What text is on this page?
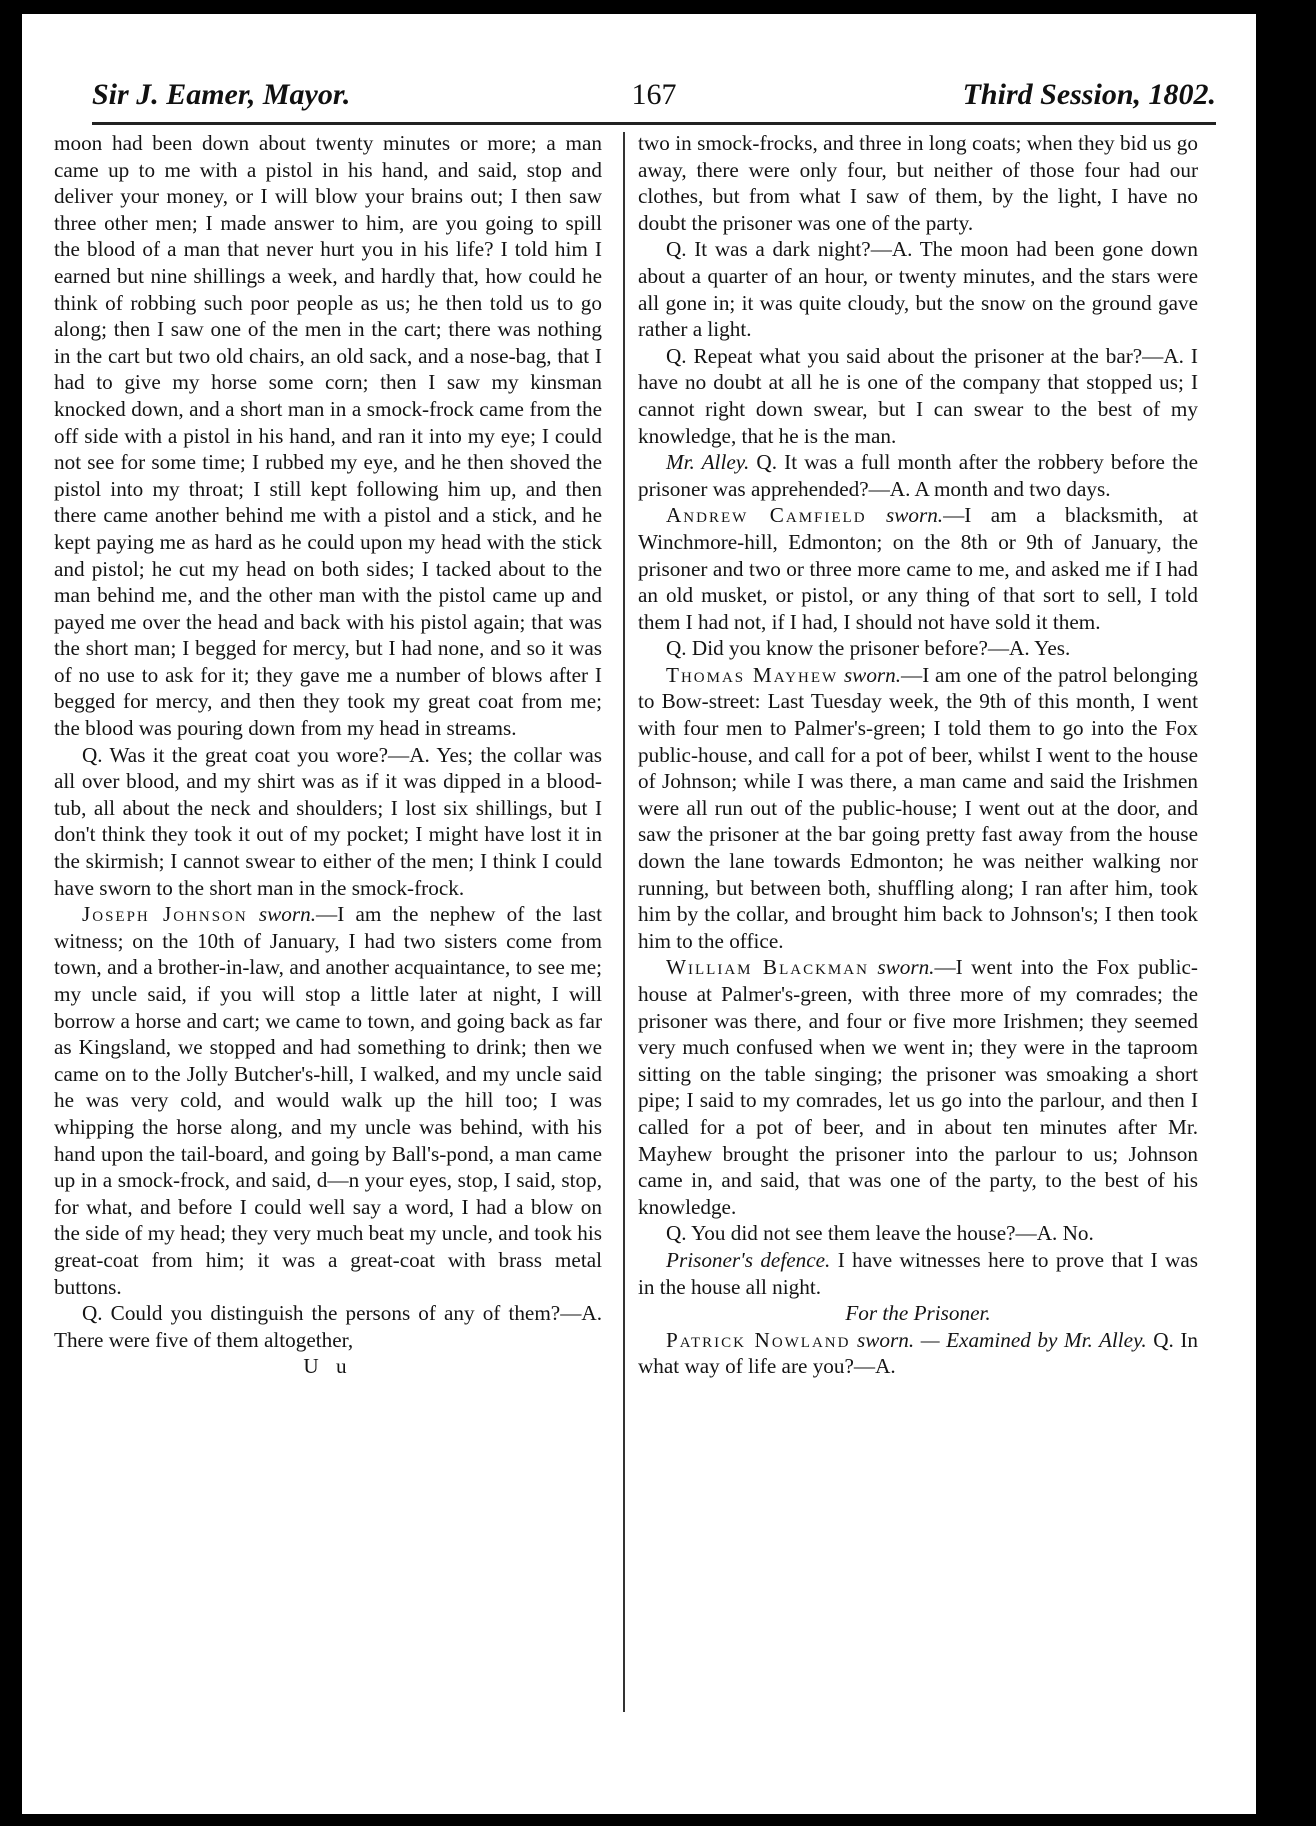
Sir J. Eamer, Mayor.	167	Third Session, 1802.

moon had been down about twenty minutes or more; a man came up to me with a pistol in his hand, and said, stop and deliver your money, or I will blow your brains out; I then saw three other men; I made answer to him, are you going to spill the blood of a man that never hurt you in his life? I told him I earned but nine shillings a week, and hardly that, how could he think of robbing such poor people as us; he then told us to go along; then I saw one of the men in the cart; there was nothing in the cart but two old chairs, an old sack, and a nose-bag, that I had to give my horse some corn; then I saw my kinsman knocked down, and a short man in a smock-frock came from the off side with a pistol in his hand, and ran it into my eye; I could not see for some time; I rubbed my eye, and he then shoved the pistol into my throat; I still kept following him up, and then there came another behind me with a pistol and a stick, and he kept paying me as hard as he could upon my head with the stick and pistol; he cut my head on both sides; I tacked about to the man behind me, and the other man with the pistol came up and payed me over the head and back with his pistol again; that was the short man; I begged for mercy, but I had none, and so it was of no use to ask for it; they gave me a number of blows after I begged for mercy, and then they took my great coat from me; the blood was pouring down from my head in streams.

Q. Was it the great coat you wore?—A. Yes; the collar was all over blood, and my shirt was as if it was dipped in a blood-tub, all about the neck and shoulders; I lost six shillings, but I don't think they took it out of my pocket; I might have lost it in the skirmish; I cannot swear to either of the men; I think I could have sworn to the short man in the smock-frock.

Joseph Johnson sworn.—I am the nephew of the last witness; on the 10th of January, I had two sisters come from town, and a brother-in-law, and another acquaintance, to see me; my uncle said, if you will stop a little later at night, I will borrow a horse and cart; we came to town, and going back as far as Kingsland, we stopped and had something to drink; then we came on to the Jolly Butcher's-hill, I walked, and my uncle said he was very cold, and would walk up the hill too; I was whipping the horse along, and my uncle was behind, with his hand upon the tail-board, and going by Ball's-pond, a man came up in a smock-frock, and said, d—n your eyes, stop, I said, stop, for what, and before I could well say a word, I had a blow on the side of my head; they very much beat my uncle, and took his great-coat from him; it was a great-coat with brass metal buttons.

Q. Could you distinguish the persons of any of them?—A. There were five of them altogether,

U u

two in smock-frocks, and three in long coats; when they bid us go away, there were only four, but neither of those four had our clothes, but from what I saw of them, by the light, I have no doubt the prisoner was one of the party.

Q. It was a dark night?—A. The moon had been gone down about a quarter of an hour, or twenty minutes, and the stars were all gone in; it was quite cloudy, but the snow on the ground gave rather a light.

Q. Repeat what you said about the prisoner at the bar?—A. I have no doubt at all he is one of the company that stopped us; I cannot right down swear, but I can swear to the best of my knowledge, that he is the man.

Mr. Alley. Q. It was a full month after the robbery before the prisoner was apprehended?—A. A month and two days.

Andrew Camfield sworn.—I am a blacksmith, at Winchmore-hill, Edmonton; on the 8th or 9th of January, the prisoner and two or three more came to me, and asked me if I had an old musket, or pistol, or any thing of that sort to sell, I told them I had not, if I had, I should not have sold it them.

Q. Did you know the prisoner before?—A. Yes.

Thomas Mayhew sworn.—I am one of the patrol belonging to Bow-street: Last Tuesday week, the 9th of this month, I went with four men to Palmer's-green; I told them to go into the Fox public-house, and call for a pot of beer, whilst I went to the house of Johnson; while I was there, a man came and said the Irishmen were all run out of the public-house; I went out at the door, and saw the prisoner at the bar going pretty fast away from the house down the lane towards Edmonton; he was neither walking nor running, but between both, shuffling along; I ran after him, took him by the collar, and brought him back to Johnson's; I then took him to the office.

William Blackman sworn.—I went into the Fox public-house at Palmer's-green, with three more of my comrades; the prisoner was there, and four or five more Irishmen; they seemed very much confused when we went in; they were in the taproom sitting on the table singing; the prisoner was smoaking a short pipe; I said to my comrades, let us go into the parlour, and then I called for a pot of beer, and in about ten minutes after Mr. Mayhew brought the prisoner into the parlour to us; Johnson came in, and said, that was one of the party, to the best of his knowledge.

Q. You did not see them leave the house?—A. No.

Prisoner's defence. I have witnesses here to prove that I was in the house all night.

For the Prisoner.

Patrick Nowland sworn. — Examined by Mr. Alley. Q. In what way of life are you?—A.
